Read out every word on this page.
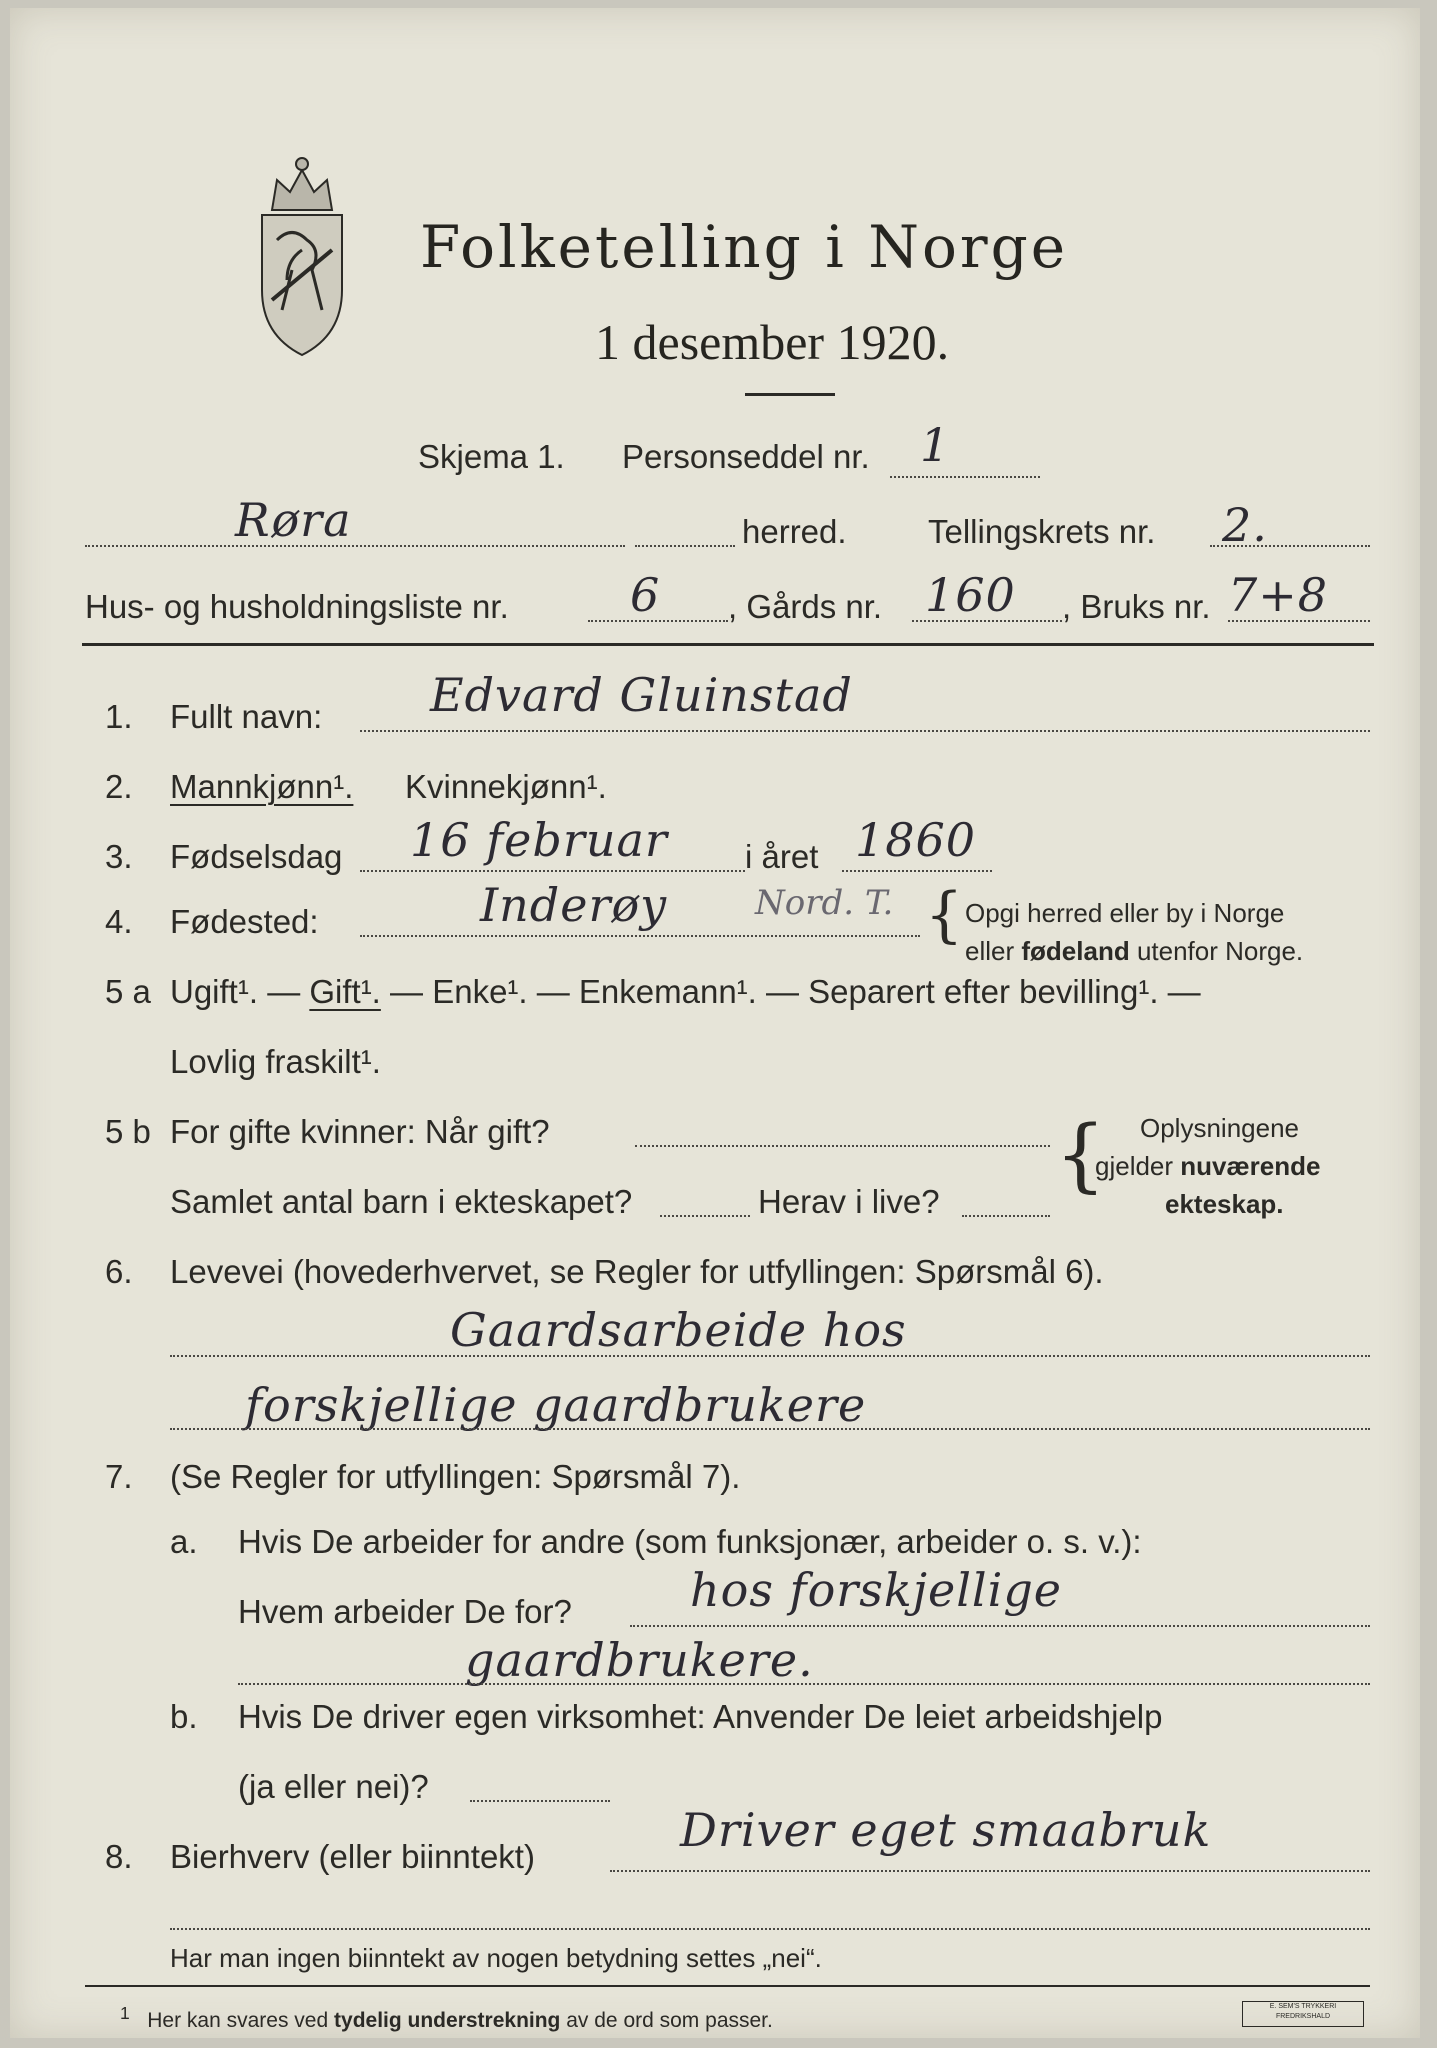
Folketelling i Norge
1 desember 1920.
Skjema 1. Personseddel nr. 1
Røra	herred. Tellingskrets nr. 2.
Hus- og husholdningsliste nr.	6 , Gårds nr. 160 , Bruks nr. 7+8
1. Fullt navn: Edvard Gluinstad
2. Mannkjønn¹. Kvinnekjønn¹.
3. Fødselsdag 16 februar i året 1860
4. Fødested:	Inderøy	Nord. T. { Opgi herred eller by i Norge
eller fødeland utenfor Norge.
5 a Ugift¹. — Gift¹. — Enke¹. — Enkemann¹. — Separert efter bevilling¹. —
Lovlig fraskilt¹.
5 b For gifte kvinner: Når gift?
Samlet antal barn i ekteskapet?	Herav i live?
{ Oplysningene
gjelder nuværende
ekteskap.
6. Levevei (hovederhvervet, se Regler for utfyllingen: Spørsmål 6).
Gaardsarbeide hos
forskjellige gaardbrukere
7. (Se Regler for utfyllingen: Spørsmål 7).
a. Hvis De arbeider for andre (som funksjonær, arbeider o. s. v.):
Hvem arbeider De for?	hos forskjellige
gaardbrukere.
b. Hvis De driver egen virksomhet: Anvender De leiet arbeidshjelp
(ja eller nei)?
8. Bierhverv (eller biinntekt)	Driver eget smaabruk
Har man ingen biinntekt av nogen betydning settes „nei“.
$^1$ Her kan svares ved tydelig understrekning av de ord som passer.
E. SEM'S TRYKKERI
FREDRIKSHALD
